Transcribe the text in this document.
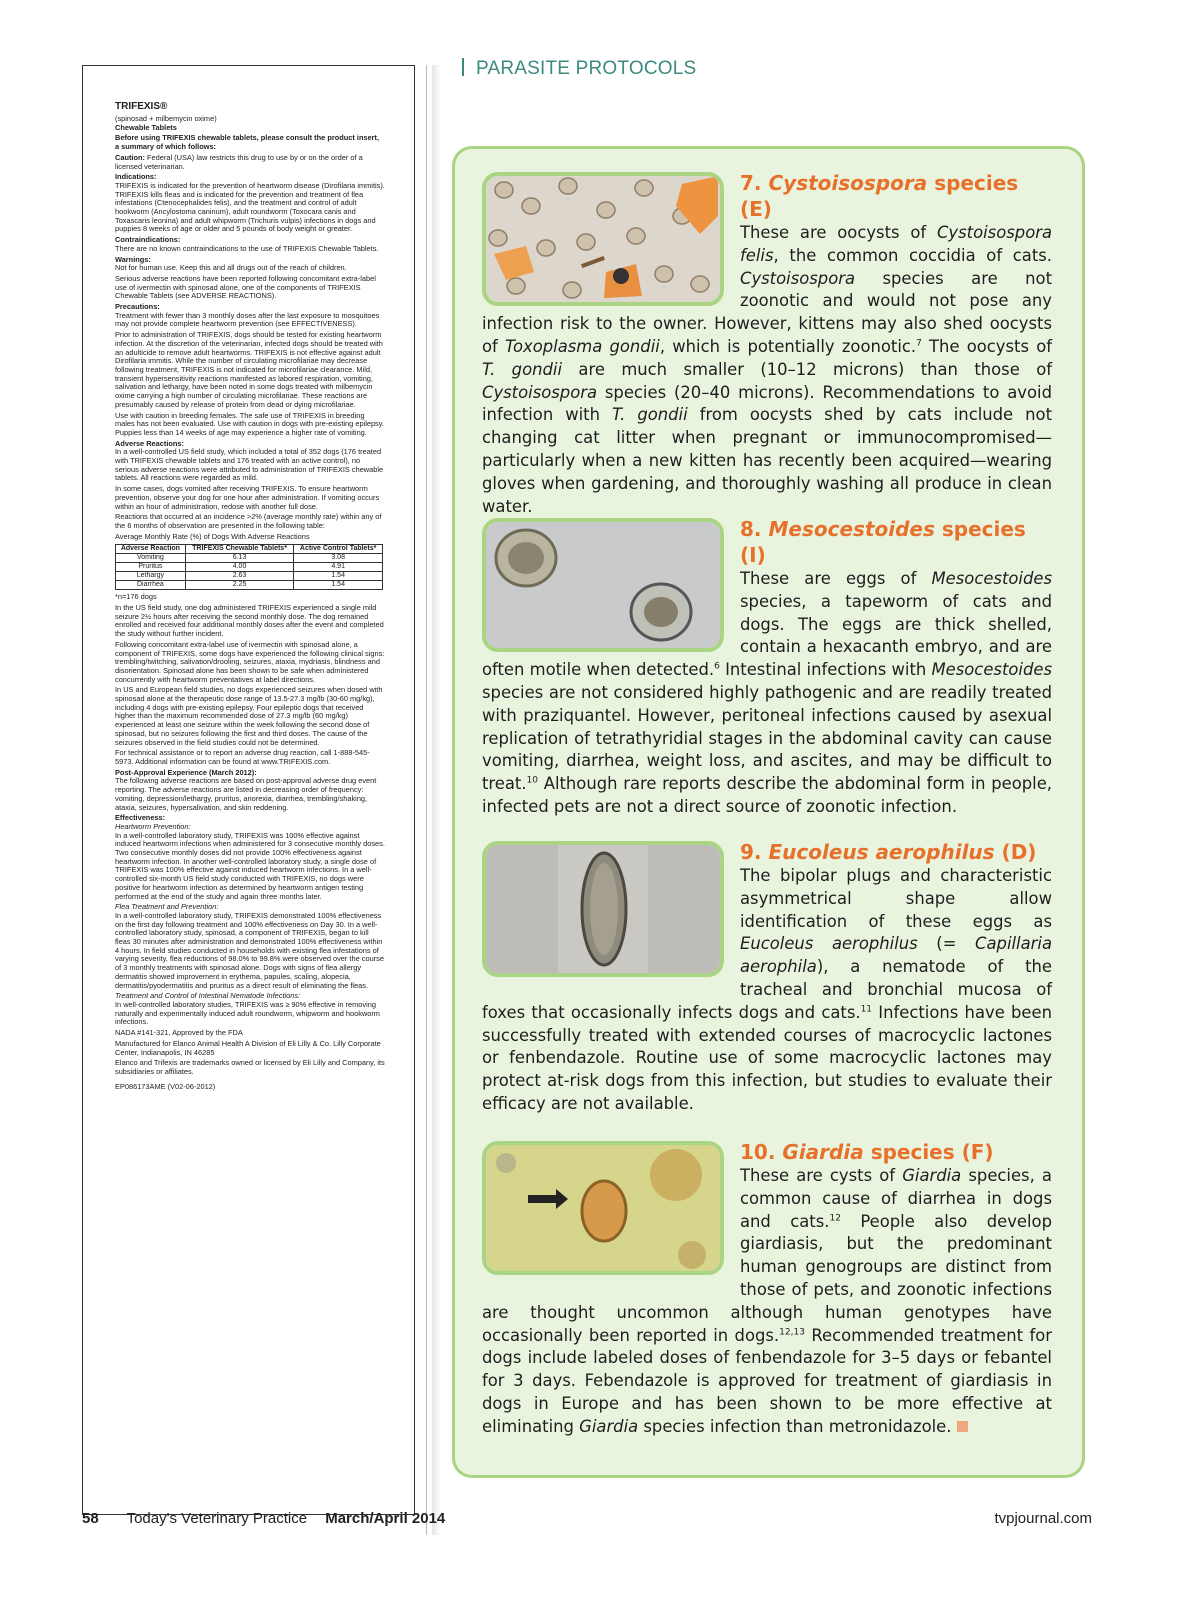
TRIFEXIS®

(spinosad + milbemycin oxime)

Chewable Tablets

Before using TRIFEXIS chewable tablets, please consult the product insert, a summary of which follows:

Caution: Federal (USA) law restricts this drug to use by or on the order of a licensed veterinarian.

Indications:

TRIFEXIS is indicated for the prevention of heartworm disease (Dirofilaria immitis). TRIFEXIS kills fleas and is indicated for the prevention and treatment of flea infestations (Ctenocephalides felis), and the treatment and control of adult hookworm (Ancylostoma caninum), adult roundworm (Toxocara canis and Toxascaris leonina) and adult whipworm (Trichuris vulpis) infections in dogs and puppies 8 weeks of age or older and 5 pounds of body weight or greater.

Contraindications:

There are no known contraindications to the use of TRIFEXIS Chewable Tablets.

Warnings:

Not for human use. Keep this and all drugs out of the reach of children.

Serious adverse reactions have been reported following concomitant extra-label use of ivermectin with spinosad alone, one of the components of TRIFEXIS Chewable Tablets (see ADVERSE REACTIONS).

Precautions:

Treatment with fewer than 3 monthly doses after the last exposure to mosquitoes may not provide complete heartworm prevention (see EFFECTIVENESS).

Prior to administration of TRIFEXIS, dogs should be tested for existing heartworm infection. At the discretion of the veterinarian, infected dogs should be treated with an adulticide to remove adult heartworms. TRIFEXIS is not effective against adult Dirofilaria immitis. While the number of circulating microfilariae may decrease following treatment, TRIFEXIS is not indicated for microfilariae clearance. Mild, transient hypersensitivity reactions manifested as labored respiration, vomiting, salivation and lethargy, have been noted in some dogs treated with milbemycin oxime carrying a high number of circulating microfilariae. These reactions are presumably caused by release of protein from dead or dying microfilariae.

Use with caution in breeding females. The safe use of TRIFEXIS in breeding males has not been evaluated. Use with caution in dogs with pre-existing epilepsy. Puppies less than 14 weeks of age may experience a higher rate of vomiting.

Adverse Reactions:

In a well-controlled US field study, which included a total of 352 dogs (176 treated with TRIFEXIS chewable tablets and 176 treated with an active control), no serious adverse reactions were attributed to administration of TRIFEXIS chewable tablets. All reactions were regarded as mild.

In some cases, dogs vomited after receiving TRIFEXIS. To ensure heartworm prevention, observe your dog for one hour after administration. If vomiting occurs within an hour of administration, redose with another full dose.

Reactions that occurred at an incidence >2% (average monthly rate) within any of the 6 months of observation are presented in the following table:

Average Monthly Rate (%) of Dogs With Adverse Reactions

Adverse Reaction	TRIFEXIS Chewable Tablets*	Active Control Tablets*
Vomiting	6.13	3.08
Pruritus	4.00	4.91
Lethargy	2.63	1.54
Diarrhea	2.25	1.54

*n=176 dogs

In the US field study, one dog administered TRIFEXIS experienced a single mild seizure 2½ hours after receiving the second monthly dose. The dog remained enrolled and received four additional monthly doses after the event and completed the study without further incident.

Following concomitant extra-label use of ivermectin with spinosad alone, a component of TRIFEXIS, some dogs have experienced the following clinical signs: trembling/twitching, salivation/drooling, seizures, ataxia, mydriasis, blindness and disorientation. Spinosad alone has been shown to be safe when administered concurrently with heartworm preventatives at label directions.

In US and European field studies, no dogs experienced seizures when dosed with spinosad alone at the therapeutic dose range of 13.5-27.3 mg/lb (30-60 mg/kg), including 4 dogs with pre-existing epilepsy. Four epileptic dogs that received higher than the maximum recommended dose of 27.3 mg/lb (60 mg/kg) experienced at least one seizure within the week following the second dose of spinosad, but no seizures following the first and third doses. The cause of the seizures observed in the field studies could not be determined.

For technical assistance or to report an adverse drug reaction, call 1-888-545-5973. Additional information can be found at www.TRIFEXIS.com.

Post-Approval Experience (March 2012):

The following adverse reactions are based on post-approval adverse drug event reporting. The adverse reactions are listed in decreasing order of frequency: vomiting, depression/lethargy, pruritus, anorexia, diarrhea, trembling/shaking, ataxia, seizures, hypersalivation, and skin reddening.

Effectiveness:

Heartworm Prevention:

In a well-controlled laboratory study, TRIFEXIS was 100% effective against induced heartworm infections when administered for 3 consecutive monthly doses. Two consecutive monthly doses did not provide 100% effectiveness against heartworm infection. In another well-controlled laboratory study, a single dose of TRIFEXIS was 100% effective against induced heartworm infections. In a well-controlled six-month US field study conducted with TRIFEXIS, no dogs were positive for heartworm infection as determined by heartworm antigen testing performed at the end of the study and again three months later.

Flea Treatment and Prevention:

In a well-controlled laboratory study, TRIFEXIS demonstrated 100% effectiveness on the first day following treatment and 100% effectiveness on Day 30. In a well-controlled laboratory study, spinosad, a component of TRIFEXIS, began to kill fleas 30 minutes after administration and demonstrated 100% effectiveness within 4 hours. In field studies conducted in households with existing flea infestations of varying severity, flea reductions of 98.0% to 99.8% were observed over the course of 3 monthly treatments with spinosad alone. Dogs with signs of flea allergy dermatitis showed improvement in erythema, papules, scaling, alopecia, dermatitis/pyodermatitis and pruritus as a direct result of eliminating the fleas.

Treatment and Control of Intestinal Nematode Infections:

In well-controlled laboratory studies, TRIFEXIS was ≥ 90% effective in removing naturally and experimentally induced adult roundworm, whipworm and hookworm infections.

NADA #141-321, Approved by the FDA

Manufactured for Elanco Animal Health A Division of Eli Lilly & Co. Lilly Corporate Center, Indianapolis, IN 46285

Elanco and Trifexis are trademarks owned or licensed by Eli Lilly and Company, its subsidiaries or affiliates.

EP086173AME (V02-06-2012)

PARASITE PROTOCOLS
7. Cystoisospora species (E)

These are oocysts of Cystoisospora felis, the common coccidia of cats. Cystoisospora species are not zoonotic and would not pose any infection risk to the owner. However, kittens may also shed oocysts of Toxoplasma gondii, which is potentially zoonotic.$^7$ The oocysts of T. gondii are much smaller (10–12 microns) than those of Cystoisospora species (20–40 microns). Recommendations to avoid infection with T. gondii from oocysts shed by cats include not changing cat litter when pregnant or immunocompromised—particularly when a new kitten has recently been acquired—wearing gloves when gardening, and thoroughly washing all produce in clean water.

8. Mesocestoides species (I)

These are eggs of Mesocestoides species, a tapeworm of cats and dogs. The eggs are thick shelled, contain a hexacanth embryo, and are often motile when detected.$^6$ Intestinal infections with Mesocestoides species are not considered highly pathogenic and are readily treated with praziquantel. However, peritoneal infections caused by asexual replication of tetrathyridial stages in the abdominal cavity can cause vomiting, diarrhea, weight loss, and ascites, and may be difficult to treat.$^{10}$ Although rare reports describe the abdominal form in people, infected pets are not a direct source of zoonotic infection.

9. Eucoleus aerophilus (D)

The bipolar plugs and characteristic asymmetrical shape allow identification of these eggs as Eucoleus aerophilus (= Capillaria aerophila), a nematode of the tracheal and bronchial mucosa of foxes that occasionally infects dogs and cats.$^{11}$ Infections have been successfully treated with extended courses of macrocyclic lactones or fenbendazole. Routine use of some macrocyclic lactones may protect at-risk dogs from this infection, but studies to evaluate their efficacy are not available.

10. Giardia species (F)

These are cysts of Giardia species, a common cause of diarrhea in dogs and cats.$^{12}$ People also develop giardiasis, but the predominant human genogroups are distinct from those of pets, and zoonotic infections are thought uncommon although human genotypes have occasionally been reported in dogs.$^{12,13}$ Recommended treatment for dogs include labeled doses of fenbendazole for 3–5 days or febantel for 3 days. Febendazole is approved for treatment of giardiasis in dogs in Europe and has been shown to be more effective at eliminating Giardia species infection than metronidazole.

58 Today's Veterinary Practice March/April 2014	tvpjournal.com
